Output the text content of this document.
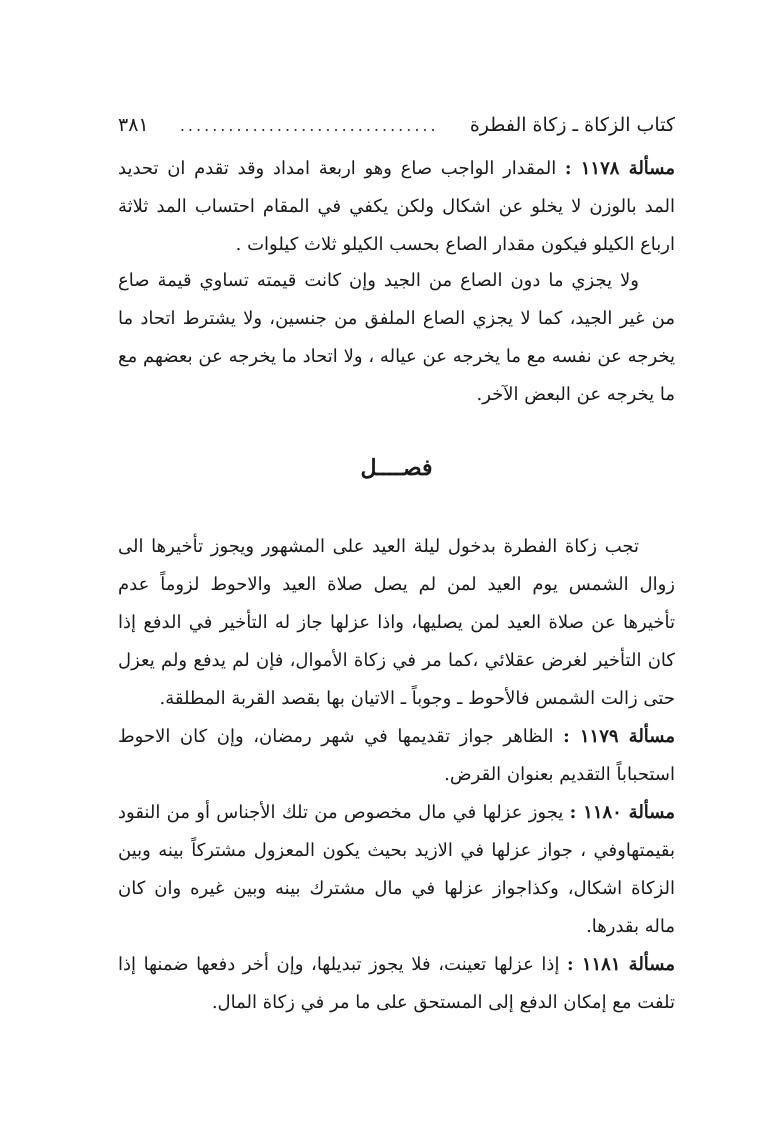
كتاب الزكاة ـ زكاة الفطرة
................................
٣٨١

مسألة ١١٧٨ : المقدار الواجب صاع وهو اربعة امداد وقد تقدم ان تحديد المد بالوزن لا يخلو عن اشكال ولكن يكفي في المقام احتساب المد ثلاثة ارباع الكيلو فيكون مقدار الصاع بحسب الكيلو ثلاث كيلوات .

ولا يجزي ما دون الصاع من الجيد وإن كانت قيمته تساوي قيمة صاع من غير الجيد، كما لا يجزي الصاع الملفق من جنسين، ولا يشترط اتحاد ما يخرجه عن نفسه مع ما يخرجه عن عياله ، ولا اتحاد ما يخرجه عن بعضهم مع ما يخرجه عن البعض الآخر.

فصــــل

تجب زكاة الفطرة بدخول ليلة العيد على المشهور ويجوز تأخيرها الى زوال الشمس يوم العيد لمن لم يصل صلاة العيد والاحوط لزوماً عدم تأخيرها عن صلاة العيد لمن يصليها، واذا عزلها جاز له التأخير في الدفع إذا كان التأخير لغرض عقلائي ،كما مر في زكاة الأموال، فإن لم يدفع ولم يعزل حتى زالت الشمس فالأحوط ـ وجوباً ـ الاتيان بها بقصد القربة المطلقة.

مسألة ١١٧٩ : الظاهر جواز تقديمها في شهر رمضان، وإن كان الاحوط استحباباً التقديم بعنوان القرض.

مسألة ١١٨٠ : يجوز عزلها في مال مخصوص من تلك الأجناس أو من النقود بقيمتهاوفي ، جواز عزلها في الازيد بحيث يكون المعزول مشتركاً بينه وبين الزكاة اشكال، وكذاجواز عزلها في مال مشترك بينه وبين غيره وان كان ماله بقدرها.

مسألة ١١٨١ : إذا عزلها تعينت، فلا يجوز تبديلها، وإن أخر دفعها ضمنها إذا تلفت مع إمكان الدفع إلى المستحق على ما مر في زكاة المال.
